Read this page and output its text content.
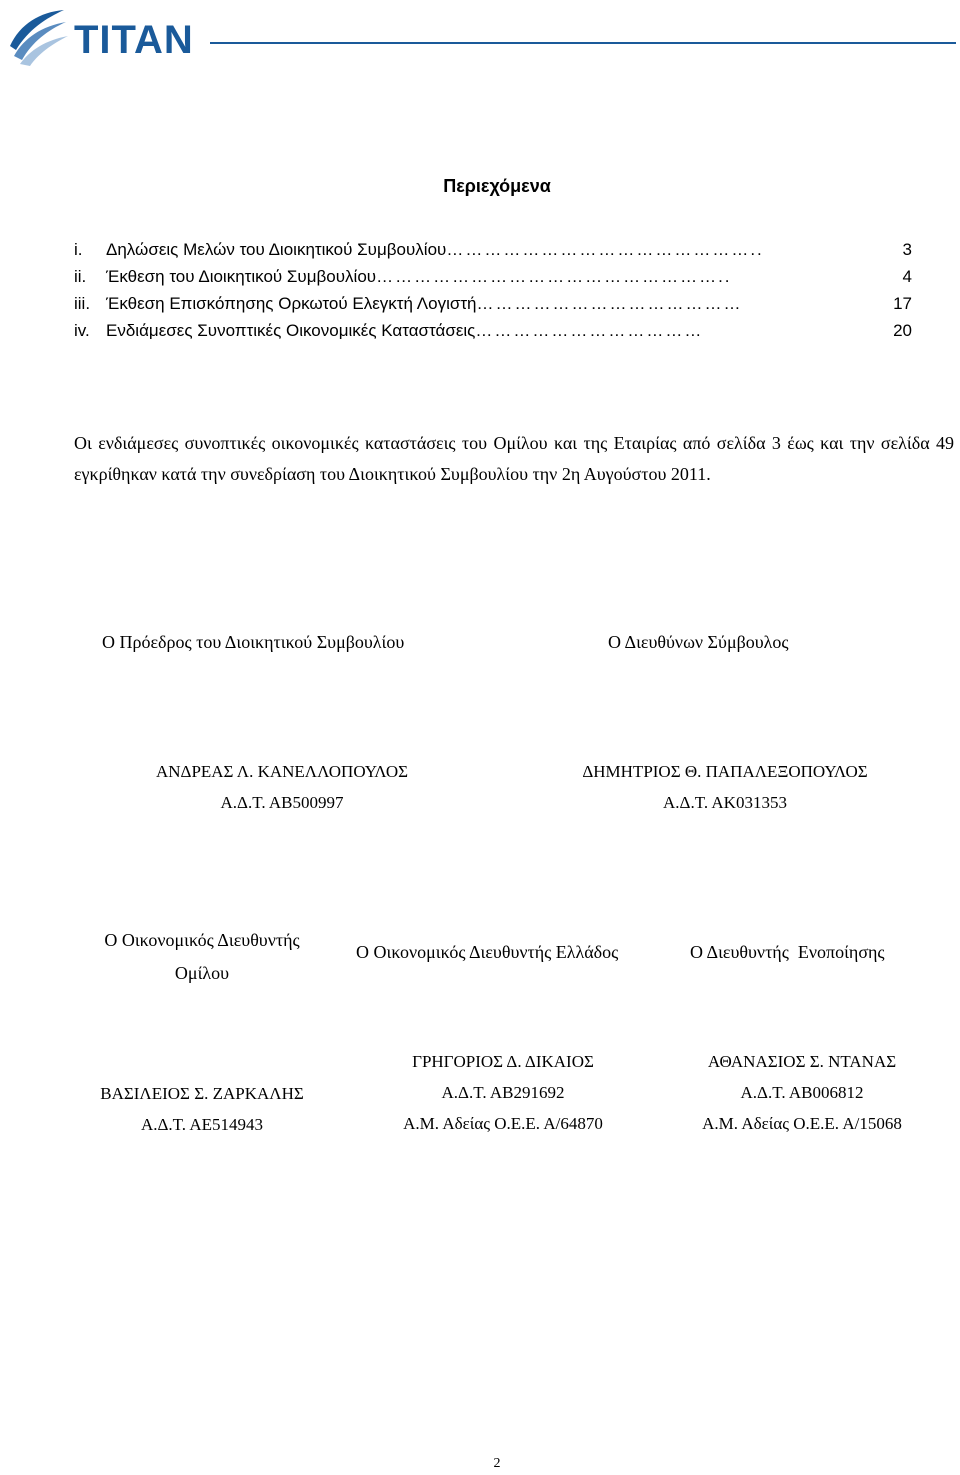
TITAN
Περιεχόμενα
i.	Δηλώσεις Μελών του Διοικητικού Συμβουλίου …………………………………………..	3
ii.	Έκθεση του Διοικητικού Συμβουλίου ………………………………………………..	4
iii. Έκθεση Επισκόπησης Ορκωτού Ελεγκτή Λογιστή ……………………………………	17
iv. Ενδιάμεσες Συνοπτικές Οικονομικές Καταστάσεις ………………………………	20
Οι ενδιάμεσες συνοπτικές οικονομικές καταστάσεις του Ομίλου και της Εταιρίας από σελίδα 3 έως και την σελίδα 49 εγκρίθηκαν κατά την συνεδρίαση του Διοικητικού Συμβουλίου την 2η Αυγούστου 2011.
Ο Πρόεδρος του Διοικητικού Συμβουλίου	Ο Διευθύνων Σύμβουλος
ΑΝΔΡΕΑΣ Λ. ΚΑΝΕΛΛΟΠΟΥΛΟΣ
Α.Δ.Τ. ΑΒ500997
ΔΗΜΗΤΡΙΟΣ Θ. ΠΑΠΑΛΕΞΟΠΟΥΛΟΣ
Α.Δ.Τ. ΑΚ031353
Ο Οικονομικός Διευθυντής
Ομίλου
Ο Οικονομικός Διευθυντής Ελλάδος	Ο Διευθυντής  Ενοποίησης
ΒΑΣΙΛΕΙΟΣ Σ. ΖΑΡΚΑΛΗΣ
Α.Δ.Τ. ΑΕ514943
ΓΡΗΓΟΡΙΟΣ Δ. ΔΙΚΑΙΟΣ
Α.Δ.Τ. ΑΒ291692
Α.Μ. Αδείας Ο.Ε.Ε. Α/64870
ΑΘΑΝΑΣΙΟΣ Σ. ΝΤΑΝΑΣ
Α.Δ.Τ. ΑΒ006812
Α.Μ. Αδείας Ο.Ε.Ε. Α/15068
2
